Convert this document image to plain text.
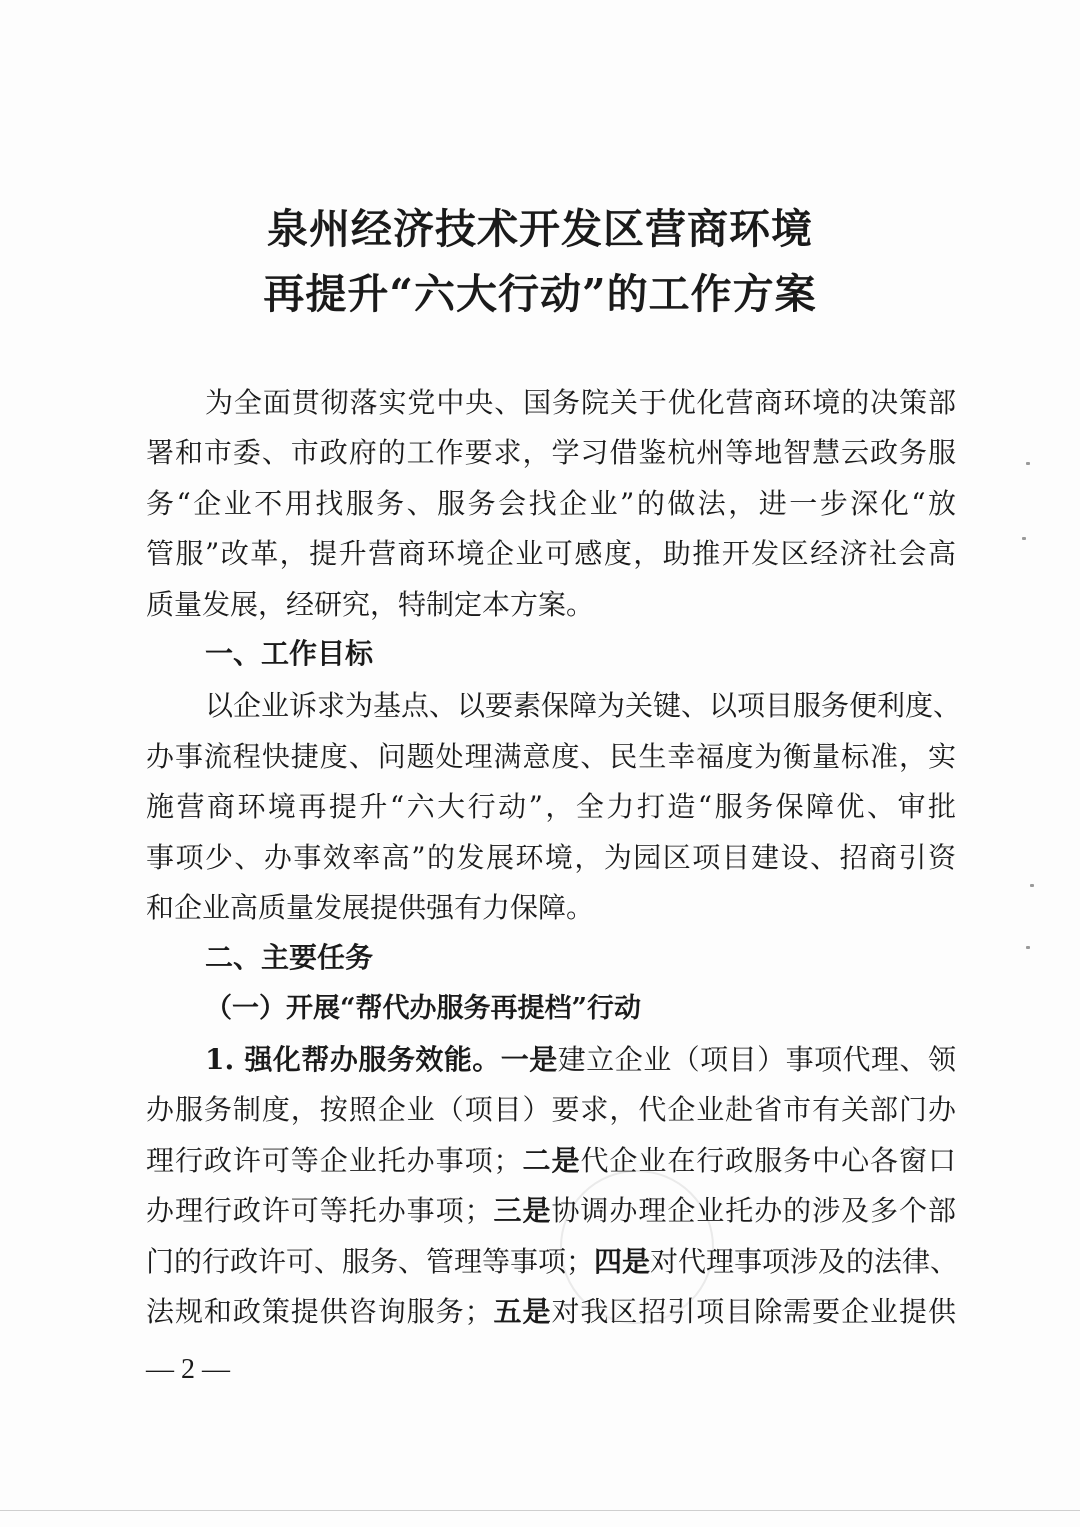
泉州经济技术开发区营商环境
再提升“六大行动”的工作方案
为全面贯彻落实党中央、国务院关于优化营商环境的决策部
署和市委、市政府的工作要求，学习借鉴杭州等地智慧云政务服
务“企业不用找服务、服务会找企业”的做法，进一步深化“放
管服”改革，提升营商环境企业可感度，助推开发区经济社会高
质量发展，经研究，特制定本方案。
一、工作目标
以企业诉求为基点、以要素保障为关键、以项目服务便利度、
办事流程快捷度、问题处理满意度、民生幸福度为衡量标准，实
施营商环境再提升“六大行动”，全力打造“服务保障优、审批
事项少、办事效率高”的发展环境，为园区项目建设、招商引资
和企业高质量发展提供强有力保障。
二、主要任务
（一）开展“帮代办服务再提档”行动
1. 强化帮办服务效能。一是建立企业（项目）事项代理、领
办服务制度，按照企业（项目）要求，代企业赴省市有关部门办
理行政许可等企业托办事项；二是代企业在行政服务中心各窗口
办理行政许可等托办事项；三是协调办理企业托办的涉及多个部
门的行政许可、服务、管理等事项；四是对代理事项涉及的法律、
法规和政策提供咨询服务；五是对我区招引项目除需要企业提供
— 2 —
